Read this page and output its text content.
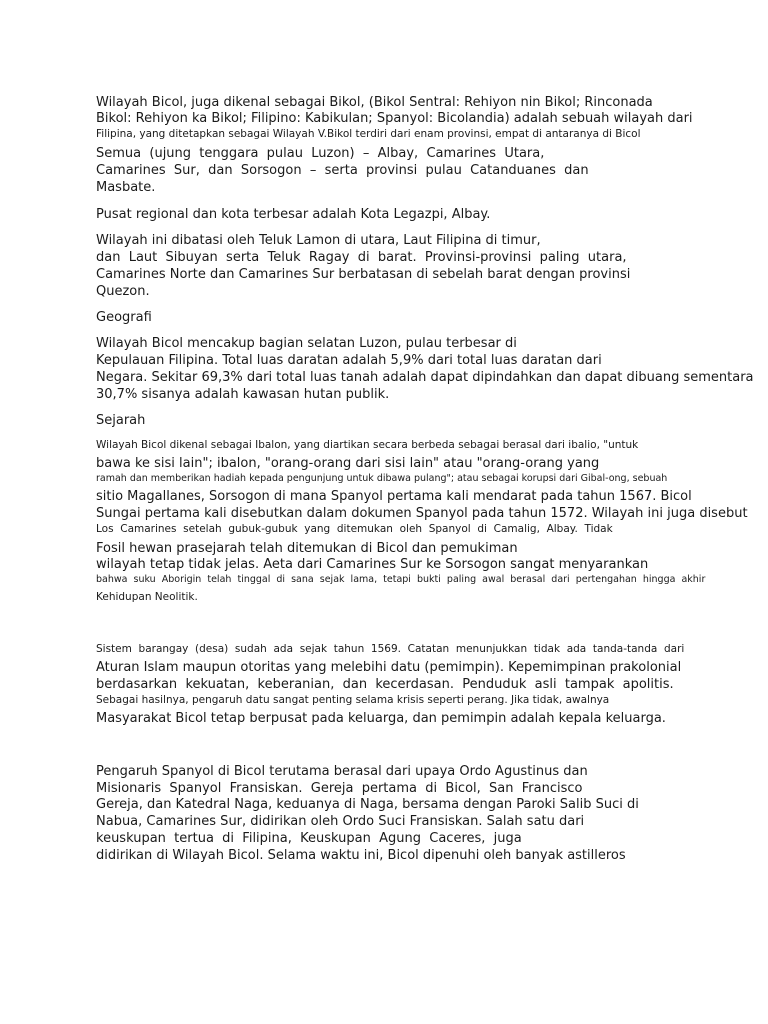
Wilayah Bicol, juga dikenal sebagai Bikol, (Bikol Sentral: Rehiyon nin Bikol; Rinconada
Bikol: Rehiyon ka Bikol; Filipino: Kabikulan; Spanyol: Bicolandia) adalah sebuah wilayah dari
Filipina, yang ditetapkan sebagai Wilayah V.Bikol terdiri dari enam provinsi, empat di antaranya di Bicol
Semua  (ujung  tenggara  pulau  Luzon)  –  Albay,  Camarines  Utara,
Camarines  Sur,  dan  Sorsogon  –  serta  provinsi  pulau  Catanduanes  dan
Masbate.
Pusat regional dan kota terbesar adalah Kota Legazpi, Albay.
Wilayah ini dibatasi oleh Teluk Lamon di utara, Laut Filipina di timur,
dan  Laut  Sibuyan  serta  Teluk  Ragay  di  barat.  Provinsi-provinsi  paling  utara,
Camarines Norte dan Camarines Sur berbatasan di sebelah barat dengan provinsi
Quezon.
Geografi
Wilayah Bicol mencakup bagian selatan Luzon, pulau terbesar di
Kepulauan Filipina. Total luas daratan adalah 5,9% dari total luas daratan dari
Negara. Sekitar 69,3% dari total luas tanah adalah dapat dipindahkan dan dapat dibuang sementara
30,7% sisanya adalah kawasan hutan publik.
Sejarah
Wilayah Bicol dikenal sebagai Ibalon, yang diartikan secara berbeda sebagai berasal dari ibalio, "untuk
bawa ke sisi lain"; ibalon, "orang-orang dari sisi lain" atau "orang-orang yang
ramah dan memberikan hadiah kepada pengunjung untuk dibawa pulang"; atau sebagai korupsi dari Gibal-ong, sebuah
sitio Magallanes, Sorsogon di mana Spanyol pertama kali mendarat pada tahun 1567. Bicol
Sungai pertama kali disebutkan dalam dokumen Spanyol pada tahun 1572. Wilayah ini juga disebut
Los  Camarines  setelah  gubuk-gubuk  yang  ditemukan  oleh  Spanyol  di  Camalig,  Albay.  Tidak
Fosil hewan prasejarah telah ditemukan di Bicol dan pemukiman
wilayah tetap tidak jelas. Aeta dari Camarines Sur ke Sorsogon sangat menyarankan
bahwa  suku  Aborigin  telah  tinggal  di  sana  sejak  lama,  tetapi  bukti  paling  awal  berasal  dari  pertengahan  hingga  akhir
Kehidupan Neolitik.
Sistem  barangay  (desa)  sudah  ada  sejak  tahun  1569.  Catatan  menunjukkan  tidak  ada  tanda-tanda  dari
Aturan Islam maupun otoritas yang melebihi datu (pemimpin). Kepemimpinan prakolonial
berdasarkan  kekuatan,  keberanian,  dan  kecerdasan.  Penduduk  asli  tampak  apolitis.
Sebagai hasilnya, pengaruh datu sangat penting selama krisis seperti perang. Jika tidak, awalnya
Masyarakat Bicol tetap berpusat pada keluarga, dan pemimpin adalah kepala keluarga.
Pengaruh Spanyol di Bicol terutama berasal dari upaya Ordo Agustinus dan
Misionaris  Spanyol  Fransiskan.  Gereja  pertama  di  Bicol,  San  Francisco
Gereja, dan Katedral Naga, keduanya di Naga, bersama dengan Paroki Salib Suci di
Nabua, Camarines Sur, didirikan oleh Ordo Suci Fransiskan. Salah satu dari
keuskupan  tertua  di  Filipina,  Keuskupan  Agung  Caceres,  juga
didirikan di Wilayah Bicol. Selama waktu ini, Bicol dipenuhi oleh banyak astilleros
